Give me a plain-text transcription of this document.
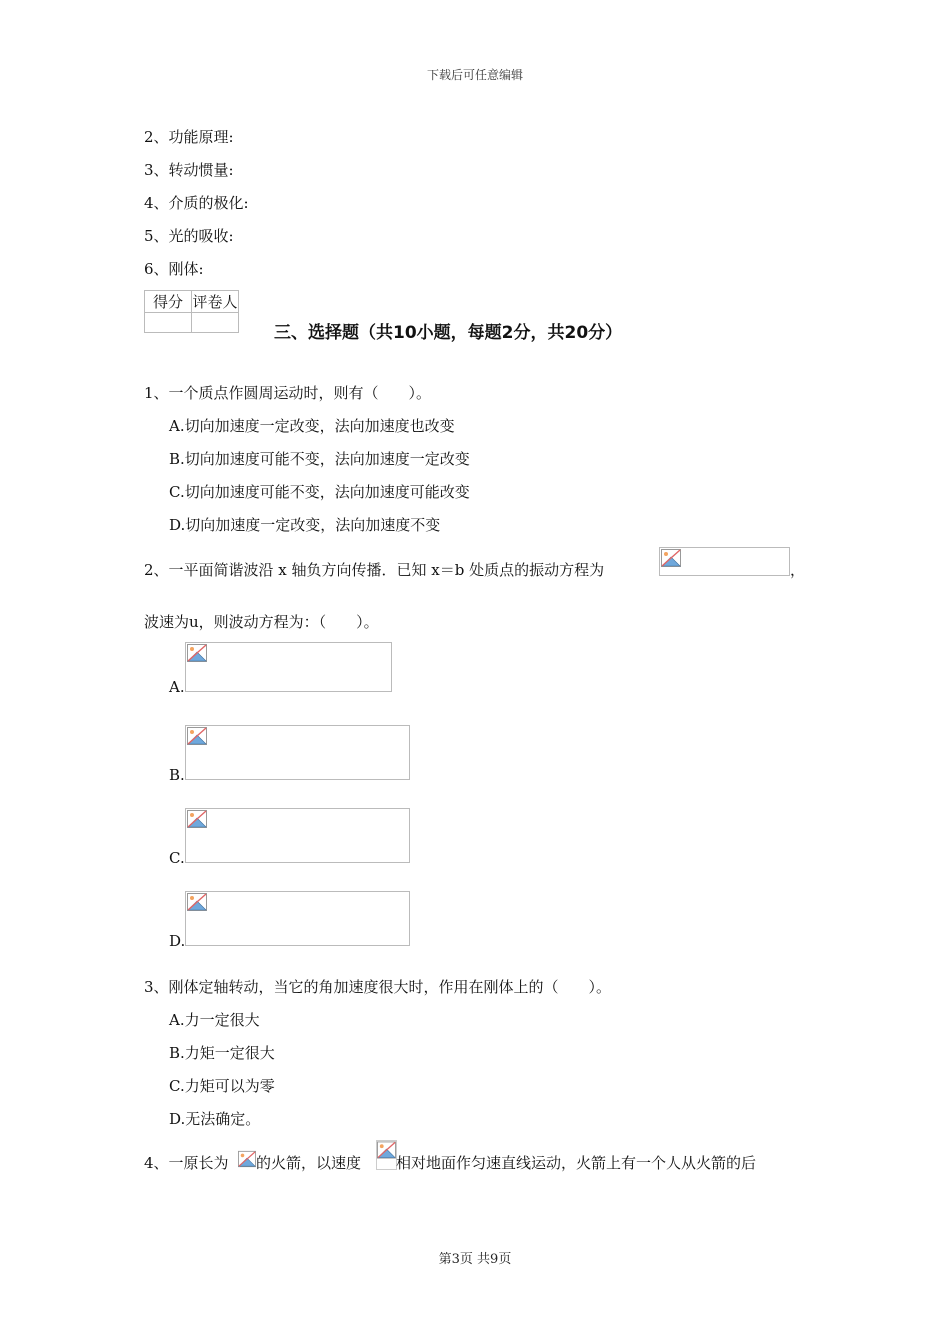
下载后可任意编辑
2、功能原理:
3、转动惯量:
4、介质的极化:
5、光的吸收:
6、刚体:
得分	评卷人

三、选择题（共10小题，每题2分，共20分）
1、一个质点作圆周运动时，则有（　　）。
A.切向加速度一定改变，法向加速度也改变
B.切向加速度可能不变，法向加速度一定改变
C.切向加速度可能不变，法向加速度可能改变
D.切向加速度一定改变，法向加速度不变
2、一平面简谐波沿 x 轴负方向传播．已知 x＝b 处质点的振动方程为	，
波速为u，则波动方程为：（　　）。
A.
B.
C.
D.
3、刚体定轴转动，当它的角加速度很大时，作用在刚体上的（　　）。
A.力一定很大
B.力矩一定很大
C.力矩可以为零
D.无法确定。
4、一原长为 的火箭，以速度 相对地面作匀速直线运动，火箭上有一个人从火箭的后
第3页 共9页
